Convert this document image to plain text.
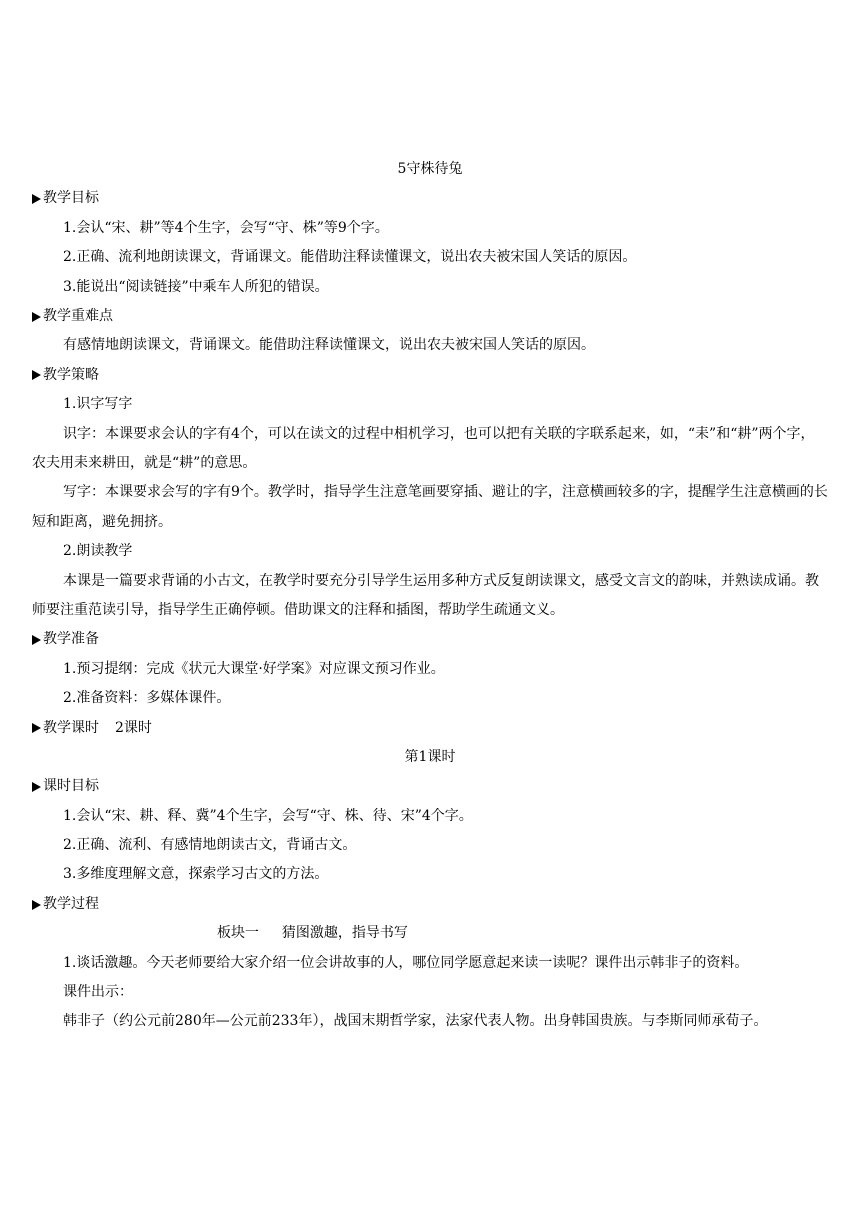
5守株待兔
教学目标
1.会认“宋、耕”等4个生字，会写“守、株”等9个字。
2.正确、流利地朗读课文，背诵课文。能借助注释读懂课文，说出农夫被宋国人笑话的原因。
3.能说出“阅读链接”中乘车人所犯的错误。
教学重难点
有感情地朗读课文，背诵课文。能借助注释读懂课文，说出农夫被宋国人笑话的原因。
教学策略
1.识字写字
识字：本课要求会认的字有4个，可以在读文的过程中相机学习，也可以把有关联的字联系起来，如，“耒”和“耕”两个字，农夫用耒来耕田，就是“耕”的意思。
写字：本课要求会写的字有9个。教学时，指导学生注意笔画要穿插、避让的字，注意横画较多的字，提醒学生注意横画的长短和距离，避免拥挤。
2.朗读教学
本课是一篇要求背诵的小古文，在教学时要充分引导学生运用多种方式反复朗读课文，感受文言文的韵味，并熟读成诵。教师要注重范读引导，指导学生正确停顿。借助课文的注释和插图，帮助学生疏通文义。
教学准备
1.预习提纲：完成《状元大课堂·好学案》对应课文预习作业。
2.准备资料：多媒体课件。
教学课时 2课时
第1课时
课时目标
1.会认“宋、耕、释、冀”4个生字，会写“守、株、待、宋”4个字。
2.正确、流利、有感情地朗读古文，背诵古文。
3.多维度理解文意，探索学习古文的方法。
教学过程
板块一 猜图激趣，指导书写
1.谈话激趣。今天老师要给大家介绍一位会讲故事的人，哪位同学愿意起来读一读呢？课件出示韩非子的资料。
课件出示：
韩非子（约公元前280年—公元前233年），战国末期哲学家，法家代表人物。出身韩国贵族。与李斯同师承荀子。
